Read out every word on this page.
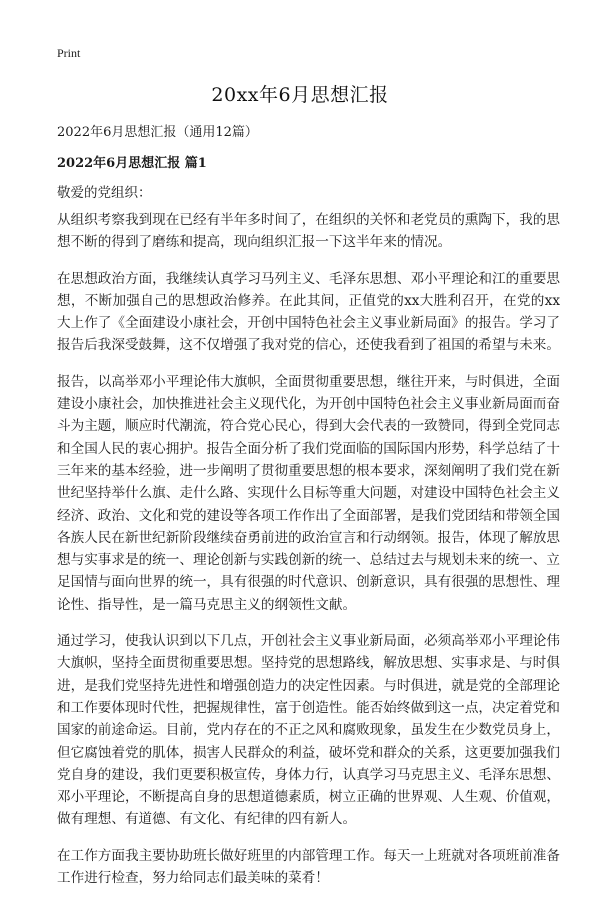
Print
20xx年6月思想汇报
2022年6月思想汇报（通用12篇）
2022年6月思想汇报 篇1
敬爱的党组织：

从组织考察我到现在已经有半年多时间了，在组织的关怀和老党员的熏陶下，我的思想不断的得到了磨练和提高，现向组织汇报一下这半年来的情况。

在思想政治方面，我继续认真学习马列主义、毛泽东思想、邓小平理论和江的重要思想，不断加强自己的思想政治修养。在此其间，正值党的xx大胜利召开，在党的xx大上作了《全面建设小康社会，开创中国特色社会主义事业新局面》的报告。学习了报告后我深受鼓舞，这不仅增强了我对党的信心，还使我看到了祖国的希望与未来。

报告，以高举邓小平理论伟大旗帜，全面贯彻重要思想，继往开来，与时俱进，全面建设小康社会，加快推进社会主义现代化，为开创中国特色社会主义事业新局面而奋斗为主题，顺应时代潮流，符合党心民心，得到大会代表的一致赞同，得到全党同志和全国人民的衷心拥护。报告全面分析了我们党面临的国际国内形势，科学总结了十三年来的基本经验，进一步阐明了贯彻重要思想的根本要求，深刻阐明了我们党在新世纪坚持举什么旗、走什么路、实现什么目标等重大问题，对建设中国特色社会主义经济、政治、文化和党的建设等各项工作作出了全面部署，是我们党团结和带领全国各族人民在新世纪新阶段继续奋勇前进的政治宣言和行动纲领。报告，体现了解放思想与实事求是的统一、理论创新与实践创新的统一、总结过去与规划未来的统一、立足国情与面向世界的统一，具有很强的时代意识、创新意识，具有很强的思想性、理论性、指导性，是一篇马克思主义的纲领性文献。

通过学习，使我认识到以下几点，开创社会主义事业新局面，必须高举邓小平理论伟大旗帜，坚持全面贯彻重要思想。坚持党的思想路线，解放思想、实事求是、与时俱进，是我们党坚持先进性和增强创造力的决定性因素。与时俱进，就是党的全部理论和工作要体现时代性，把握规律性，富于创造性。能否始终做到这一点，决定着党和国家的前途命运。目前，党内存在的不正之风和腐败现象，虽发生在少数党员身上，但它腐蚀着党的肌体，损害人民群众的利益，破坏党和群众的关系，这更要加强我们党自身的建设，我们更要积极宣传，身体力行，认真学习马克思主义、毛泽东思想、邓小平理论，不断提高自身的思想道德素质，树立正确的世界观、人生观、价值观，做有理想、有道德、有文化、有纪律的四有新人。

在工作方面我主要协助班长做好班里的内部管理工作。每天一上班就对各项班前准备工作进行检查，努力给同志们最美味的菜肴！
